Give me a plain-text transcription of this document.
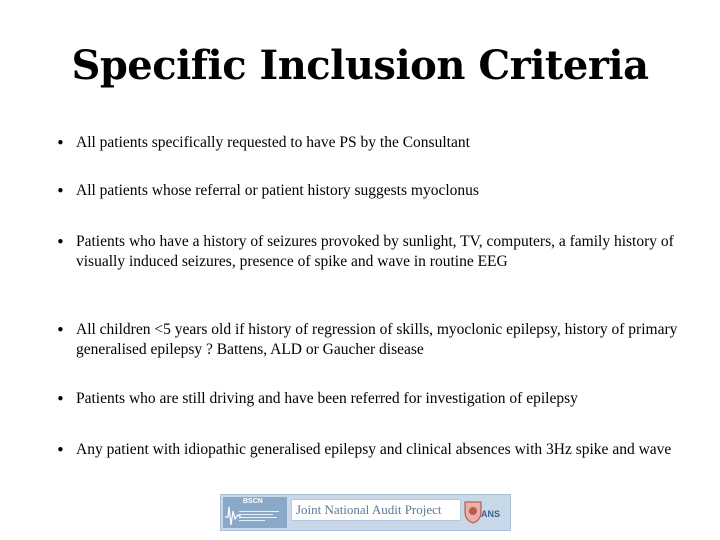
Specific Inclusion Criteria
• All patients specifically requested to have PS by the Consultant
• All patients whose referral or patient history suggests myoclonus
• Patients who have a history of seizures provoked by sunlight, TV, computers, a family history of visually induced seizures, presence of spike and wave in routine EEG
• All children <5 years old if history of regression of skills, myoclonic epilepsy, history of primary generalised epilepsy ? Battens, ALD or Gaucher disease
• Patients who are still driving and have been referred for investigation of epilepsy
• Any patient with idiopathic generalised epilepsy and clinical absences with 3Hz spike and wave
BSCN
Joint National Audit Project	ANS
